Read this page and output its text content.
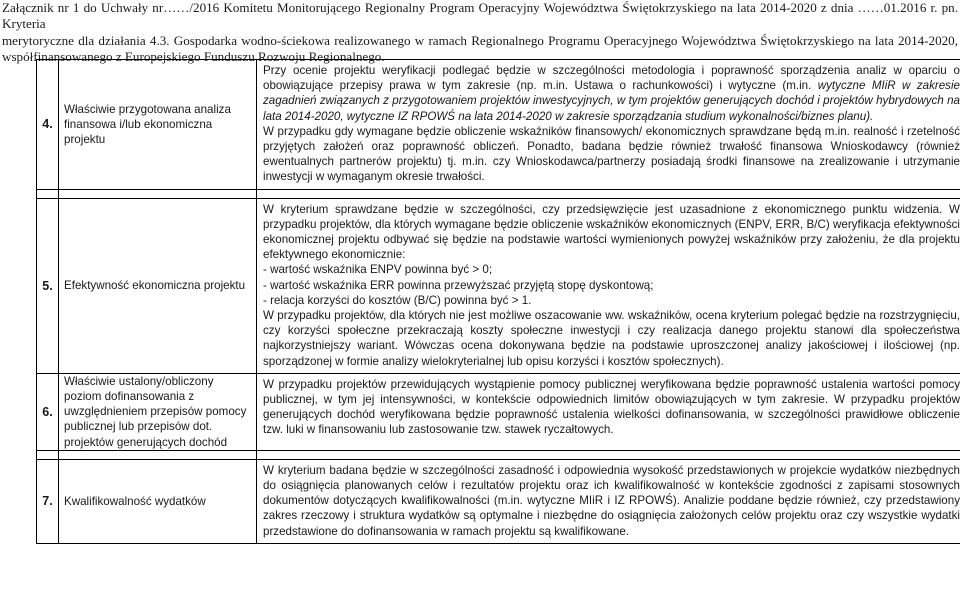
Załącznik nr 1 do Uchwały nr……/2016 Komitetu Monitorującego Regionalny Program Operacyjny Województwa Świętokrzyskiego na lata 2014-2020 z dnia ……01.2016 r. pn. Kryteria

merytoryczne dla działania 4.3. Gospodarka wodno-ściekowa realizowanego w ramach Regionalnego Programu Operacyjnego Województwa Świętokrzyskiego na lata 2014-2020,

współfinansowanego z Europejskiego Funduszu Rozwoju Regionalnego.

4.	Właściwie przygotowana analiza finansowa i/lub ekonomiczna projektu	Przy ocenie projektu weryfikacji podlegać będzie w szczególności metodologia i poprawność sporządzenia analiz w oparciu o obowiązujące przepisy prawa w tym zakresie (np. m.in. Ustawa o rachunkowości) i wytyczne (m.in. wytyczne MIiR w zakresie zagadnień związanych z przygotowaniem projektów inwestycyjnych, w tym projektów generujących dochód i projektów hybrydowych na lata 2014-2020, wytyczne IZ RPOWŚ na lata 2014-2020 w zakresie sporządzania studium wykonalności/biznes planu).

W przypadku gdy wymagane będzie obliczenie wskaźników finansowych/ ekonomicznych sprawdzane będą m.in. realność i rzetelność przyjętych założeń oraz poprawność obliczeń. Ponadto, badana będzie również trwałość finansowa Wnioskodawcy (również ewentualnych partnerów projektu) tj. m.in. czy Wnioskodawca/partnerzy posiadają środki finansowe na zrealizowanie i utrzymanie inwestycji w wymaganym okresie trwałości.

5.	Efektywność ekonomiczna projektu	W kryterium sprawdzane będzie w szczególności, czy przedsięwzięcie jest uzasadnione z ekonomicznego punktu widzenia. W przypadku projektów, dla których wymagane będzie obliczenie wskaźników ekonomicznych (ENPV, ERR, B/C) weryfikacja efektywności ekonomicznej projektu odbywać się będzie na podstawie wartości wymienionych powyżej wskaźników przy założeniu, że dla projektu efektywnego ekonomicznie:

- wartość wskaźnika ENPV powinna być > 0;

- wartość wskaźnika ERR powinna przewyższać przyjętą stopę dyskontową;

- relacja korzyści do kosztów (B/C) powinna być > 1.

W przypadku projektów, dla których nie jest możliwe oszacowanie ww. wskaźników, ocena kryterium polegać będzie na rozstrzygnięciu, czy korzyści społeczne przekraczają koszty społeczne inwestycji i czy realizacja danego projektu stanowi dla społeczeństwa najkorzystniejszy wariant. Wówczas ocena dokonywana będzie na podstawie uproszczonej analizy jakościowej i ilościowej (np. sporządzonej w formie analizy wielokryterialnej lub opisu korzyści i kosztów społecznych).

6.	Właściwie ustalony/obliczony poziom dofinansowania z uwzględnieniem przepisów pomocy publicznej lub przepisów dot. projektów generujących dochód	W przypadku projektów przewidujących wystąpienie pomocy publicznej weryfikowana będzie poprawność ustalenia wartości pomocy publicznej, w tym jej intensywności, w kontekście odpowiednich limitów obowiązujących w tym zakresie. W przypadku projektów generujących dochód weryfikowana będzie poprawność ustalenia wielkości dofinansowania, w szczególności prawidłowe obliczenie tzw. luki w finansowaniu lub zastosowanie tzw. stawek ryczałtowych.

7.	Kwalifikowalność wydatków	W kryterium badana będzie w szczególności zasadność i odpowiednia wysokość przedstawionych w projekcie wydatków niezbędnych do osiągnięcia planowanych celów i rezultatów projektu oraz ich kwalifikowalność w kontekście zgodności z zapisami stosownych dokumentów dotyczących kwalifikowalności (m.in. wytyczne MIiR i IZ RPOWŚ). Analizie poddane będzie również, czy przedstawiony zakres rzeczowy i struktura wydatków są optymalne i niezbędne do osiągnięcia założonych celów projektu oraz czy wszystkie wydatki przedstawione do dofinansowania w ramach projektu są kwalifikowane.
